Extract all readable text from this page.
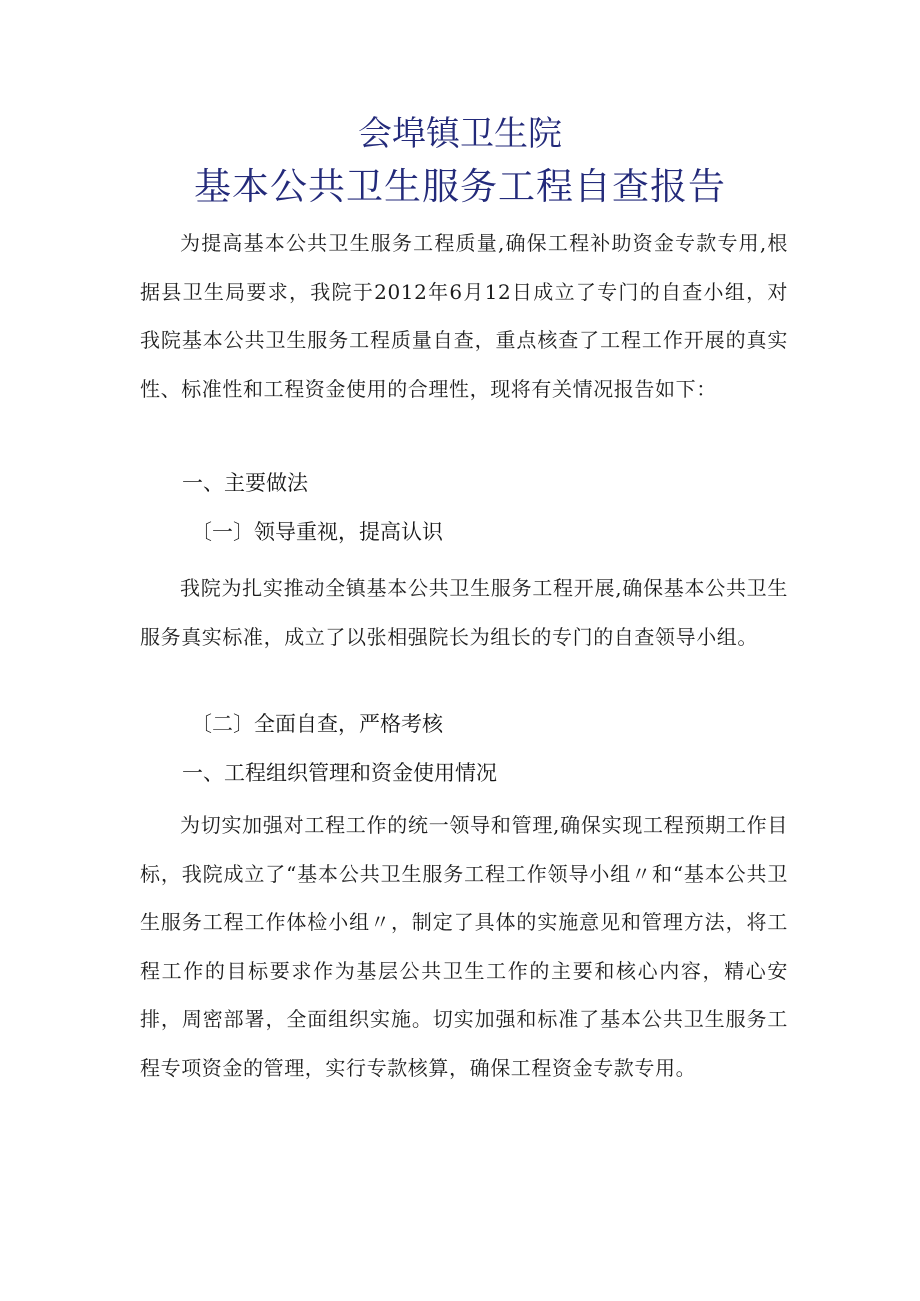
会埠镇卫生院
基本公共卫生服务工程自查报告

为提高基本公共卫生服务工程质量,确保工程补助资金专款专用,根据县卫生局要求，我院于2012年6月12日成立了专门的自查小组，对我院基本公共卫生服务工程质量自查，重点核查了工程工作开展的真实性、标准性和工程资金使用的合理性，现将有关情况报告如下：

一、主要做法
〔一〕领导重视，提高认识

我院为扎实推动全镇基本公共卫生服务工程开展,确保基本公共卫生服务真实标准，成立了以张相强院长为组长的专门的自查领导小组。

〔二〕全面自查，严格考核
一、工程组织管理和资金使用情况

为切实加强对工程工作的统一领导和管理,确保实现工程预期工作目标，我院成立了“基本公共卫生服务工程工作领导小组〃和“基本公共卫生服务工程工作体检小组〃，制定了具体的实施意见和管理方法，将工程工作的目标要求作为基层公共卫生工作的主要和核心内容，精心安排，周密部署，全面组织实施。切实加强和标准了基本公共卫生服务工程专项资金的管理，实行专款核算，确保工程资金专款专用。
